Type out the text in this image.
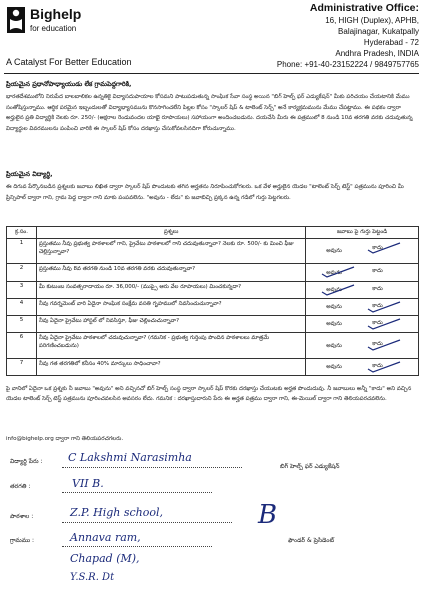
Bighelp
for education
A Catalyst For Better Education
Administrative Office:
16, HIGH (Duplex), APHB,
Balajinagar, Kukatpally
Hyderabad - 72
Andhra Pradesh, INDIA
Phone: +91-40-23152224 / 9849757765
ప్రియమైన ప్రధానోపాధ్యాయుడు లేక గ్రామపెద్దగారికి,
భారతదేశములోని నిరుపేద బాలబాలికల ఉన్నతికై విద్యాసదుపాయాల కోసమని పాటుపడుతున్న సాంఘిక సేవా సంస్థ అయిన "బిగ్ హెల్ప్ ఫర్ ఎడ్యుకేషన్" మీకు పరిచయం చేయటానికి మేము సంతోషిస్తున్నాము. ఆర్థిక పరమైన ఇబ్బందులతో విద్యాభ్యాసమును కొనసాగించలేని పిల్లల కోసం "స్కాలర్ షిప్ & టాలెంట్ సెర్చ్" అనే కార్యక్రమమును మేము చేపట్టాము. ఈ పథకం ద్వారా అర్హులైన ప్రతి విద్యార్థికి నెలకు రూ. 250/- (అక్షరాల రెండువందల యాభై రూపాయలు) సహాయంగా అందించబడును. దయచేసి మీరు ఈ పత్రములో 8 నుండి 10వ తరగతి వరకు చదువుతున్న విద్యార్థుల వివరములను పంపించి వారికి ఈ స్కాలర్ షిప్ కోసం దరఖాస్తు చేసుకోవలసినదిగా కోరుచున్నాము.
ప్రియమైన విద్యార్థి,
ఈ దిగువ పేర్కొనబడిన ప్రశ్నలకు జవాబు లిఖిత ద్వారా స్కాలర్ షిప్ పొందుటకు తగిన అర్హతను నిరూపించుకోగలరు. ఒక వేళ అర్హులైన యెడల "టాలెంట్ సెర్చ్ టెస్ట్" పత్రమును పూరించి మీ ప్రిన్సిపాల్ ద్వారా గాని, గ్రామ పెద్ద ద్వారా గాని మాకు పంపవలెను. "అవును - లేదు" కు జవాబిచ్చి ప్రక్కన ఉన్న గడిలో గుర్తు పెట్టగలరు.
క్ర.సం.	ప్రశ్నలు	జవాబు పై గుర్తు పెట్టండి
1	ప్రస్తుతము నీవు ప్రభుత్వ పాఠశాలలో గాని, ప్రైవేటు పాఠశాలలో గాని చదువుతున్నావా? నెలకు రూ. 500/- కు మించి ఫీజు చెల్లిస్తున్నావా?	అవును కాదు

2	ప్రస్తుతము నీవు 8వ తరగతి నుండి 10వ తరగతి వరకు చదువుతున్నావా?	అవును కాదు

3	మీ కుటుంబ సంవత్సరాదాయం రూ. 36,000/- (ముప్పై ఆరు వేల రూపాయలు) మించకున్నదా?	అవును కాదు

4	నీవు గవర్నమెంట్ వారి ఏదైనా సాంఘిక సంక్షేమ వసతి గృహములో నివసించుచున్నావా?	అవును కాదు

5	నీవు ఏదైనా ప్రైవేటు హాస్టల్ లో నివసిస్తూ, ఫీజు చెల్లించుచున్నావా?	అవును కాదు

6	నీవు ఏదైనా ప్రైవేటు పాఠశాలలో చదువుచున్నావా? (గమనిక - ప్రభుత్వ గుర్తింపు పొందిన పాఠశాలలు మాత్రమే పరిగణించబడును)	అవును కాదు

7	నీవు గత తరగతిలో కనీసం 40% మార్కులు సాధించావా?	అవును కాదు
పై వానిలో ఏదైనా ఒక ప్రశ్నకు నీ జవాబు "అవును" అని వచ్చినచో బిగ్ హెల్ప్ సంస్థ ద్వారా స్కాలర్ షిప్ కొరకు దరఖాస్తు చేయుటకు అర్హత పొందుదువు. నీ జవాబులు అన్నీ "కాదు" అని వచ్చిన యెడల టాలెంట్ సెర్చ్ టెస్ట్ పత్రమును పూరించవలసిన అవసరం లేదు. గమనిక : దరఖాస్తుదారుని పేరు ఈ అర్హత పత్రము ద్వారా గాని, ఈ-మెయిల్ ద్వారా గాని తెలియపరచవలెను.
info@bighelp.org ద్వారా గాని తెలియపరచగలరు.
విద్యార్థి పేరు : C Lakshmi Narasimha
తరగతి :	VII B.
పాఠశాల :	Z.P. High school,
గ్రామము :	Annava ram,
Chapad (M),
Y.S.R. Dt
బిగ్ హెల్ప్ ఫర్ ఎడ్యుకేషన్
B
ఫౌండర్ & ప్రెసిడెంట్
